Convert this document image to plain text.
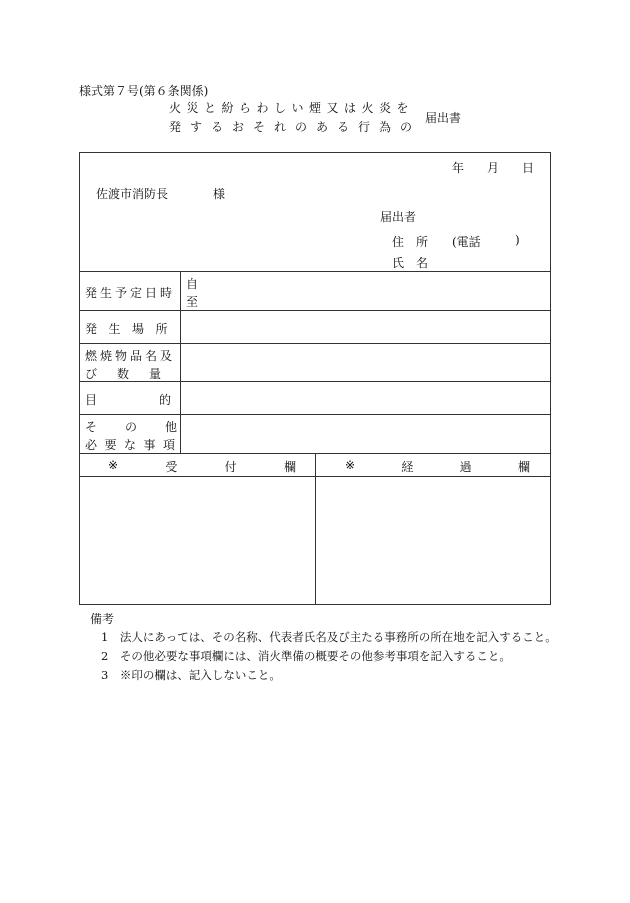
様式第７号(第６条関係)
火災と紛らわしい煙又は火炎を
発するおそれのある行為の
届出書
年 月 日
佐渡市消防長	様
届出者
住　所 (電話	)
氏　名
発生予定日時
自
至
発生場所
燃焼物品名及
び数量
目的
その他
必要な事項
※	受	付	欄	※	経	過	欄
備考
1　法人にあっては、その名称、代表者氏名及び主たる事務所の所在地を記入すること。
2　その他必要な事項欄には、消火準備の概要その他参考事項を記入すること。
3　※印の欄は、記入しないこと。
